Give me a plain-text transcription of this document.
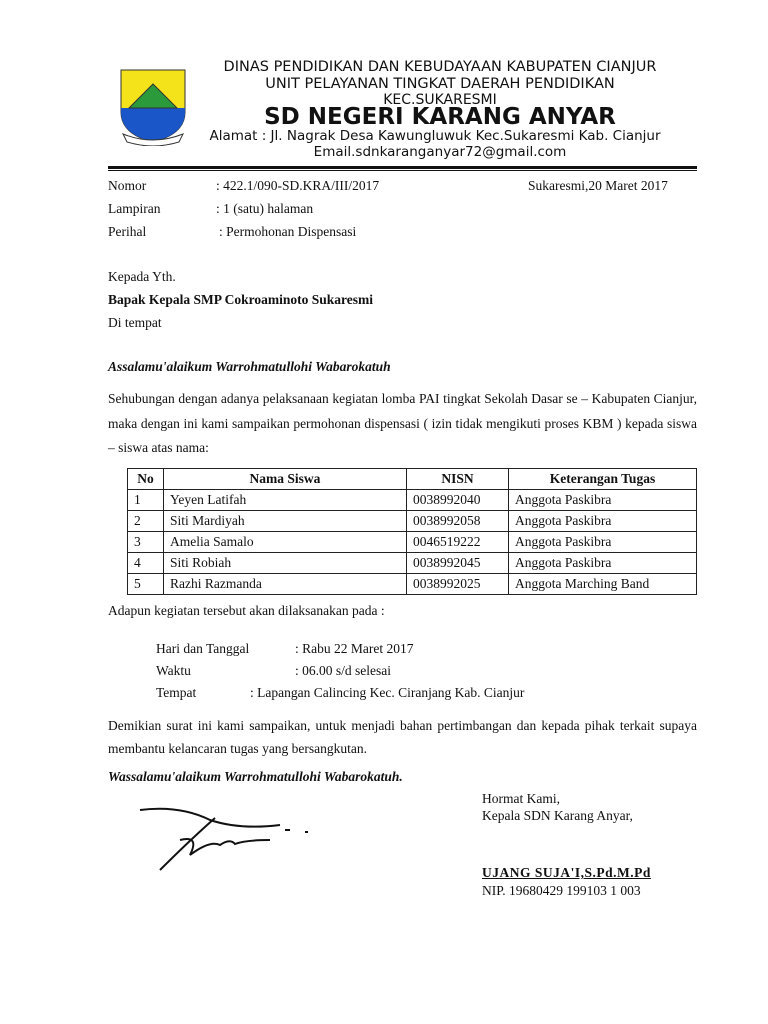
DINAS PENDIDIKAN DAN KEBUDAYAAN KABUPATEN CIANJUR
UNIT PELAYANAN TINGKAT DAERAH PENDIDIKAN
KEC.SUKARESMI
SD NEGERI KARANG ANYAR
Alamat : Jl. Nagrak Desa Kawungluwuk Kec.Sukaresmi Kab. Cianjur
Email.sdnkaranganyar72@gmail.com
Nomor	: 422.1/090-SD.KRA/III/2017	Sukaresmi,20 Maret 2017
Lampiran	: 1 (satu) halaman
Perihal	: Permohonan Dispensasi
Kepada Yth.
Bapak Kepala SMP Cokroaminoto Sukaresmi
Di tempat
Assalamu'alaikum Warrohmatullohi Wabarokatuh
Sehubungan dengan adanya pelaksanaan kegiatan lomba PAI tingkat Sekolah Dasar se – Kabupaten Cianjur, maka dengan ini kami sampaikan permohonan dispensasi ( izin tidak mengikuti proses KBM ) kepada siswa – siswa atas nama:
No	Nama Siswa	NISN	Keterangan Tugas
1	Yeyen Latifah	0038992040	Anggota Paskibra
2	Siti Mardiyah	0038992058	Anggota Paskibra
3	Amelia Samalo	0046519222	Anggota Paskibra
4	Siti Robiah	0038992045	Anggota Paskibra
5	Razhi Razmanda	0038992025	Anggota Marching Band
Adapun kegiatan tersebut akan dilaksanakan pada :
Hari dan Tanggal	: Rabu 22 Maret 2017
Waktu	: 06.00 s/d selesai
Tempat	: Lapangan Calincing Kec. Ciranjang Kab. Cianjur
Demikian surat ini kami sampaikan, untuk menjadi bahan pertimbangan dan kepada pihak terkait supaya membantu kelancaran tugas yang bersangkutan.
Wassalamu'alaikum Warrohmatullohi Wabarokatuh.
Hormat Kami,
Kepala SDN Karang Anyar,
UJANG SUJA'I,S.Pd.M.Pd
NIP. 19680429 199103 1 003
